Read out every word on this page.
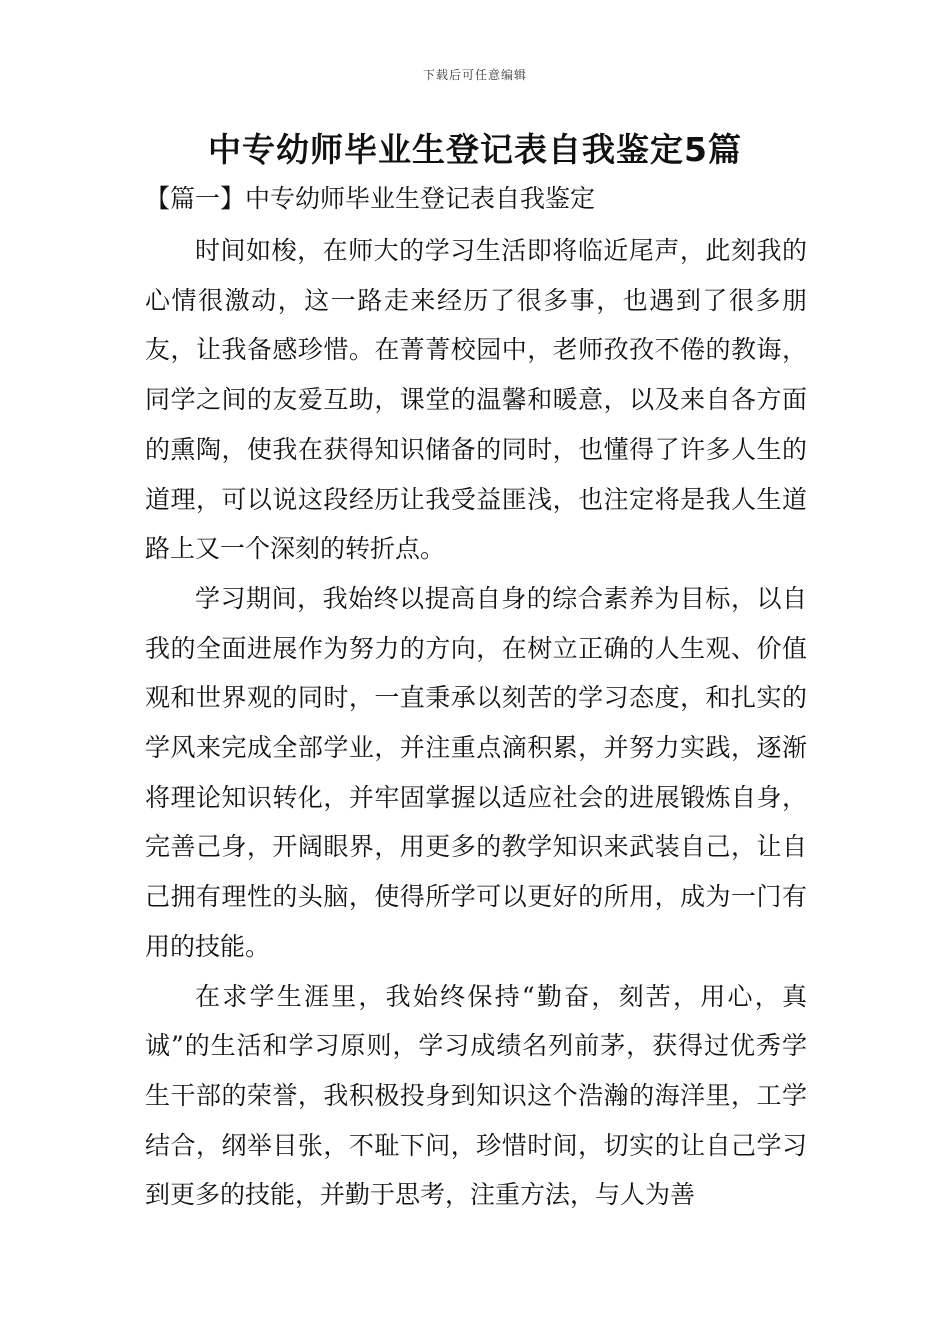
下载后可任意编辑
中专幼师毕业生登记表自我鉴定5篇
【篇一】中专幼师毕业生登记表自我鉴定

时间如梭，在师大的学习生活即将临近尾声，此刻我的心情很激动，这一路走来经历了很多事，也遇到了很多朋友，让我备感珍惜。在菁菁校园中，老师孜孜不倦的教诲，同学之间的友爱互助，课堂的温馨和暖意，以及来自各方面的熏陶，使我在获得知识储备的同时，也懂得了许多人生的道理，可以说这段经历让我受益匪浅，也注定将是我人生道路上又一个深刻的转折点。

学习期间，我始终以提高自身的综合素养为目标，以自我的全面进展作为努力的方向，在树立正确的人生观、价值观和世界观的同时，一直秉承以刻苦的学习态度，和扎实的学风来完成全部学业，并注重点滴积累，并努力实践，逐渐将理论知识转化，并牢固掌握以适应社会的进展锻炼自身，完善己身，开阔眼界，用更多的教学知识来武装自己，让自己拥有理性的头脑，使得所学可以更好的所用，成为一门有用的技能。

在求学生涯里，我始终保持“勤奋，刻苦，用心，真诚”的生活和学习原则，学习成绩名列前茅，获得过优秀学生干部的荣誉，我积极投身到知识这个浩瀚的海洋里，工学结合，纲举目张，不耻下问，珍惜时间，切实的让自己学习到更多的技能，并勤于思考，注重方法，与人为善
